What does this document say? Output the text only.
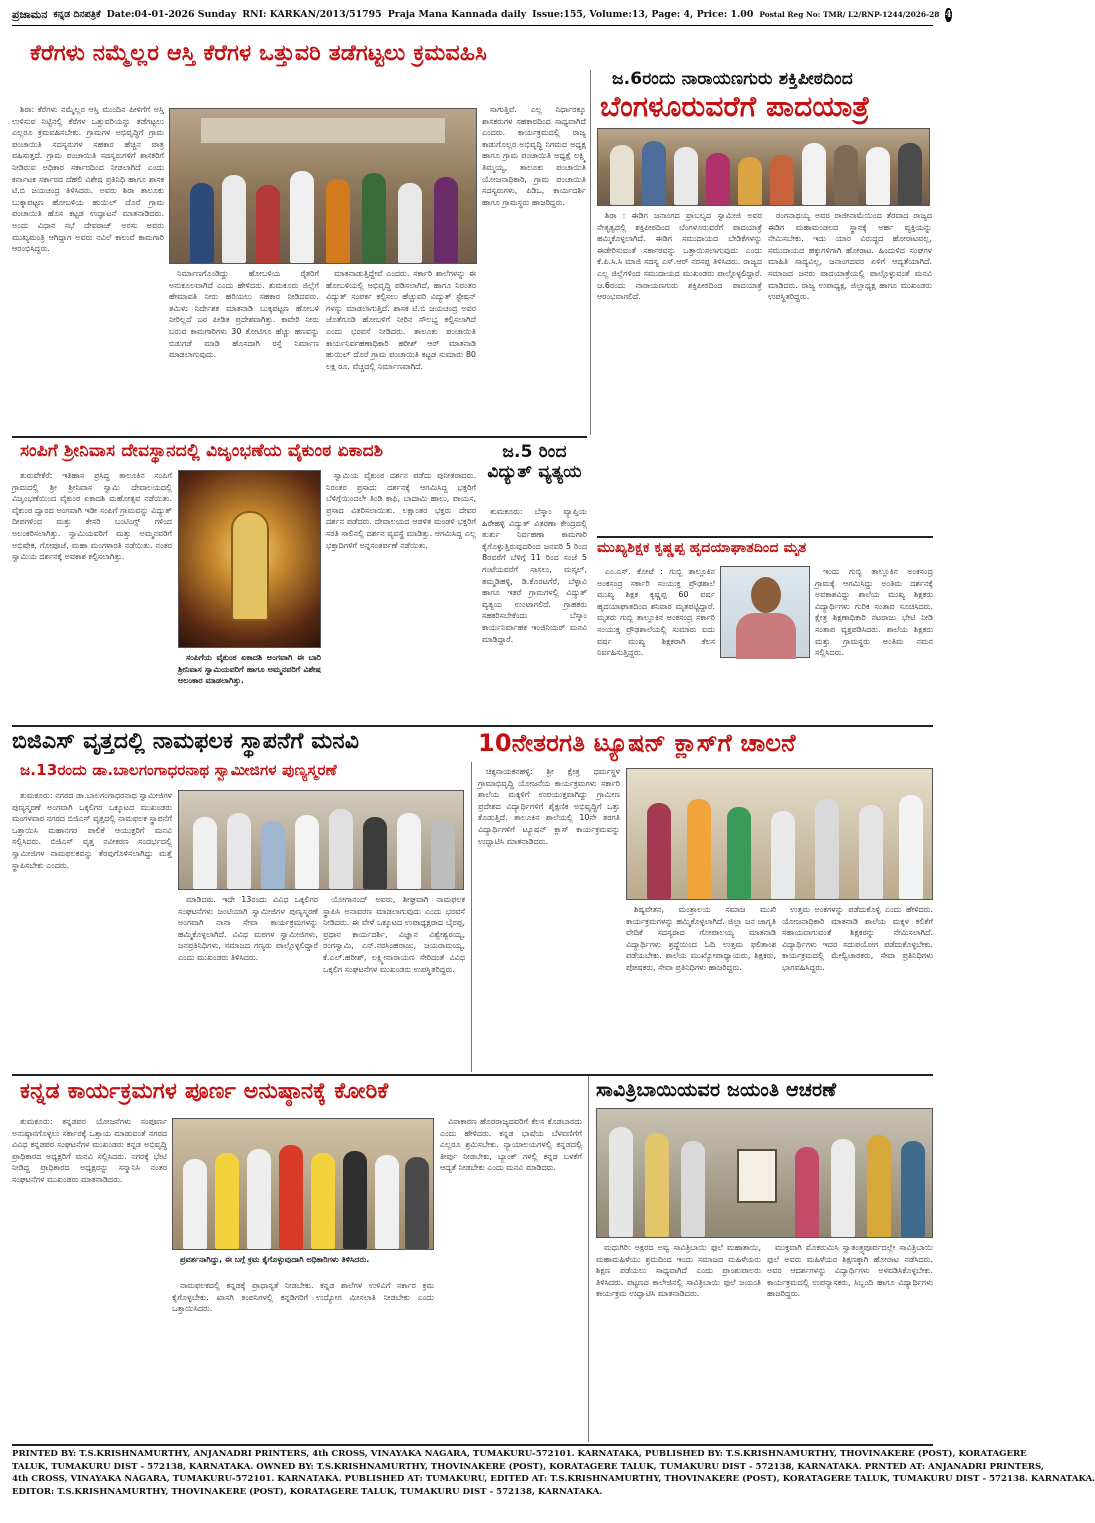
ಪ್ರಜಾಮನ ಕನ್ನಡ ದಿನಪತ್ರಿಕೆ Date:04-01-2026 Sunday RNI: KARKAN/2013/51795 Praja Mana Kannada daily Issue:155, Volume:13, Page: 4, Price: 1.00 Postal Reg No: TMR/ L2/RNP-1244/2026-28 4
ಕೆರೆಗಳು ನಮ್ಮೆಲ್ಲರ ಆಸ್ತಿ ಕೆರೆಗಳ ಒತ್ತುವರಿ ತಡೆಗಟ್ಟಲು ಕ್ರಮವಹಿಸಿ

ಶಿರಾ: ಕೆರೆಗಳು ನಮ್ಮೆಲ್ಲರ ಆಸ್ತಿ ಮುಂದಿನ ಪೀಳಿಗೆಗೆ ಅಸ್ತಿ ಉಳಿಸುವ ನಿಟ್ಟಿನಲ್ಲಿ ಕೆರೆಗಳ ಒತ್ತುವರಿಯನ್ನು ತಡೆಗಟ್ಟಲು ಎಲ್ಲರೂ ಕ್ರಮವಹಿಸಬೇಕು. ಗ್ರಾಮಗಳ ಅಭಿವೃದ್ಧಿಗೆ ಗ್ರಾಮ ಪಂಚಾಯಿತಿ ಸದಸ್ಯರುಗಳ ಸಹಕಾರ ಹೆಚ್ಚಿನ ಪಾತ್ರ ವಹಿಸುತ್ತದೆ. ಗ್ರಾಮ ಪಂಚಾಯಿತಿ ಸದಸ್ಯರುಗಳಿಗೆ ಶಾಸಕರಿಗೆ ನೀಡಿರುವ ಅಧಿಕಾರ ಸರ್ಕಾರದಿಂದ ನೀಡಲಾಗಿದೆ ಎಂದು ಕರ್ನಾಟಕ ಸರ್ಕಾರದ ದೆಹಲಿ ವಿಶೇಷ ಪ್ರತಿನಿಧಿ ಹಾಗೂ ಶಾಸಕ ಟಿ.ಬಿ ಜಯಚಂದ್ರ ತಿಳಿಸಿದರು. ಅವರು ಶಿರಾ ತಾಲೂಕು ಬುಕ್ಕಾಪಟ್ಟಣ ಹೋಬಳಿಯ ಹುಯಿಲ್ ದೊರೆ ಗ್ರಾಮ ಪಂಚಾಯಿತಿ ಹೊಸ ಕಟ್ಟಡ ಉದ್ಘಾಟನೆ ಮಾತನಾಡಿದರು. ಅಂದು ವಿಧಾನ ಸಭೆ ದೇವರಾಜ್ ಅರಸು ಅವರು ಮುಖ್ಯಮಂತ್ರಿ ಆಗಿದ್ದಾಗ ಅವರು ನವಿಲೆ ಕಾಲುವೆ ಕಾಮಗಾರಿ ಆರಂಭಿಸಿದ್ದರು.

ನಿರ್ಮಾಣಗೊಂಡಿದ್ದು ಹೋಬಳಿಯ ರೈತರಿಗೆ ಅನುಕೂಲವಾಗಿದೆ ಎಂದು ಹೇಳಿದರು. ತುಮಕೂರು ಜಿಲ್ಲೆಗೆ ಹೇಮಾವತಿ ನೀರು ಹರಿಯಲು ಸಹಕಾರ ನೀಡಿದವರು. ತಮಿಳು ನಿರ್ದೇಶಕ ಮಾತನಾಡಿ ಬುಕ್ಕಪಟ್ಟಣ ಹೋಬಳಿ ನೀರಿಲ್ಲದೆ ಬರ ಪೀಡಿತ ಪ್ರದೇಶವಾಗಿತ್ತು. ಕಾವೇರಿ ನೀರು ಬರುವ ಕಾಮಗಾರಿಗಳು 30 ಕೋಟಿಗೂ ಹೆಚ್ಚು ಹಣವನ್ನು ಬಿಡುಗಡೆ ಮಾಡಿ ಹೊಸದಾಗಿ ರಸ್ತೆ ನಿರ್ಮಾಣ ಮಾಡಲಾಗುವುದು.

ಮಾತನಾಡುತ್ತಿದ್ದೇವೆ ಎಂದರು. ಸರ್ಕಾರಿ ಶಾಲೆಗಳನ್ನು ಈ ಹೋಬಳಿಯಲ್ಲಿ ಅಭಿವೃದ್ಧಿ ಪಡಿಸಲಾಗಿದೆ, ಹಾಗೂ ನಿರಂತರ ವಿದ್ಯುತ್ ಸಂಪರ್ಕ ಕಲ್ಪಿಸಲು ಹೆಚ್ಚುವರಿ ವಿದ್ಯುತ್ ಸ್ಟೇಷನ್ ಗಳನ್ನು ಮಾಡಲಾಗುತ್ತಿದೆ. ಶಾಸಕ ಟಿ.ಬಿ ಜಯಚಂದ್ರ ಅವರ ಜೊತೆಗೂಡಿ ಹೋಬಳಿಗೆ ನೀರಿನ ಸೌಲಭ್ಯ ಕಲ್ಪಿಸಲಾಗಿದೆ ಎಂದು ಭರವಸೆ ನೀಡಿದರು. ತಾಲೂಕು ಪಂಚಾಯಿತಿ ಕಾರ್ಯನಿರ್ವಹಣಾಧಿಕಾರಿ ಹರೀಶ್ ಆರ್ ಮಾತನಾಡಿ ಹುಯಿಲ್ ದೊರೆ ಗ್ರಾಮ ಪಂಚಾಯಿತಿ ಕಟ್ಟಡ ಸುಮಾರು 80 ಲಕ್ಷ ರೂ. ವೆಚ್ಚದಲ್ಲಿ ನಿರ್ಮಾಣವಾಗಿದೆ.

ಸಾಗುತ್ತಿವೆ. ಎಲ್ಲ ನಿರ್ಧಾರಕ್ಕೂ ಶಾಸಕರುಗಳ ಸಹಕಾರದಿಂದ ಸಾಧ್ಯವಾಗಿದೆ ಎಂದರು. ಕಾರ್ಯಕ್ರಮದಲ್ಲಿ ರಾಜ್ಯ ಕಾಡುಗೊಲ್ಲರ ಅಭಿವೃದ್ಧಿ ನಿಗಮದ ಅಧ್ಯಕ್ಷ ಹಾಗೂ ಗ್ರಾಮ ಪಂಚಾಯಿತಿ ಅಧ್ಯಕ್ಷೆ ಲಕ್ಷ್ಮಿ ತಿಮ್ಮಯ್ಯ, ತಾಲೂಕು ಪಂಚಾಯಿತಿ ಯೋಜನಾಧಿಕಾರಿ, ಗ್ರಾಮ ಪಂಚಾಯಿತಿ ಸದಸ್ಯರುಗಳು, ಪಿಡಿಒ, ಕಾರ್ಯದರ್ಶಿ ಹಾಗೂ ಗ್ರಾಮಸ್ಥರು ಹಾಜರಿದ್ದರು.

ಜ.6ರಂದು ನಾರಾಯಣಗುರು ಶಕ್ತಿಪೀಠದಿಂದ
ಬೆಂಗಳೂರುವರೆಗೆ ಪಾದಯಾತ್ರೆ

ಶಿರಾ : ಈಡಿಗ ಜನಾಂಗದ ಪ್ರಾಬಲ್ಯದ ಸ್ವಾಮೀಜಿ ಅವರ ನೇತೃತ್ವದಲ್ಲಿ ಶಕ್ತಿಪೀಠದಿಂದ ಬೆಂಗಳೂರುವರೆಗೆ ಪಾದಯಾತ್ರೆ ಹಮ್ಮಿಕೊಳ್ಳಲಾಗಿದೆ. ಈಡಿಗ ಸಮುದಾಯದ ಬೇಡಿಕೆಗಳನ್ನು ಈಡೇರಿಸುವಂತೆ ಸರ್ಕಾರವನ್ನು ಒತ್ತಾಯಿಸಲಾಗುವುದು ಎಂದು ಕೆ.ಪಿ.ಸಿ.ಸಿ ಮಾಜಿ ಸದಸ್ಯ ಎಸ್.ಆರ್ ನರಸಪ್ಪ ತಿಳಿಸಿದರು. ರಾಜ್ಯದ ಎಲ್ಲ ಜಿಲ್ಲೆಗಳಿಂದ ಸಮುದಾಯದ ಮುಖಂಡರು ಪಾಲ್ಗೊಳ್ಳಲಿದ್ದಾರೆ. ಜ.6ರಂದು ನಾರಾಯಣಗುರು ಶಕ್ತಿಪೀಠದಿಂದ ಪಾದಯಾತ್ರೆ ಆರಂಭವಾಗಲಿದೆ.

ರಂಗನಾಥಯ್ಯ ಅವರ ರಾಜೀನಾಮೆಯಿಂದ ತೆರವಾದ ರಾಜ್ಯದ ಈಡಿಗ ಮಹಾಮಂಡಲದ ಸ್ಥಾನಕ್ಕೆ ಅರ್ಹ ವ್ಯಕ್ತಿಯನ್ನು ನೇಮಿಸಬೇಕು. ಇದು ಯಾರ ವಿರುದ್ಧದ ಹೋರಾಟವಲ್ಲ, ಸಮುದಾಯದ ಹಕ್ಕುಗಳಿಗಾಗಿ ಹೋರಾಟ. ಹಿಂದುಳಿದ ಸಂಘಗಳ ಮಾಹಿತಿ ಸಾದ್ಯವಿಲ್ಲ, ಜನಾಂಗದವರ ಏಳಿಗೆ ಆದ್ಯತೆಯಾಗಿದೆ. ಸಮಾಜದ ಜನರು ಪಾದಯಾತ್ರೆಯಲ್ಲಿ ಪಾಲ್ಗೊಳ್ಳುವಂತೆ ಮನವಿ ಮಾಡಿದರು. ರಾಜ್ಯ ಉಪಾಧ್ಯಕ್ಷ, ಜಿಲ್ಲಾಧ್ಯಕ್ಷ ಹಾಗೂ ಮುಖಂಡರು ಉಪಸ್ಥಿತರಿದ್ದರು.

ಸಂಪಿಗೆ ಶ್ರೀನಿವಾಸ ದೇವಸ್ಥಾನದಲ್ಲಿ ವಿಜೃಂಭಣೆಯ ವೈಕುಂಠ ಏಕಾದಶಿ

ತುರುವೇಕೆರೆ: ಇತಿಹಾಸ ಪ್ರಸಿದ್ಧ ತಾಲೂಕಿನ ಸಂಪಿಗೆ ಗ್ರಾಮದಲ್ಲಿ ಶ್ರೀ ಶ್ರೀನಿವಾಸ ಸ್ವಾಮಿ ದೇವಾಲಯದಲ್ಲಿ ವಿಜೃಂಭಣೆಯಿಂದ ವೈಕುಂಠ ಏಕಾದಶಿ ಮಹೋತ್ಸವ ನಡೆಯಿತು. ವೈಕುಂಠ ದ್ವಾರದ ಅಂಗವಾಗಿ ಇಡೀ ಸಂಪಿಗೆ ಗ್ರಾಮವನ್ನು ವಿದ್ಯುತ್ ದೀಪಗಳಿಂದ ಮತ್ತು ಕೇಸರಿ ಬಂಟಿಂಗ್ಸ್ ಗಳಿಂದ ಅಲಂಕರಿಸಲಾಗಿತ್ತು. ಸ್ವಾಮಿಯವರಿಗೆ ಮತ್ತು ಅಮ್ಮನವರಿಗೆ ಅಭಿಷೇಕ, ಗೋಪೂಜೆ, ಮಹಾ ಮಂಗಳಾರತಿ ನಡೆಯಿತು. ನಂತರ ಸ್ವಾಮಿಯ ದರ್ಶನಕ್ಕೆ ಅವಕಾಶ ಕಲ್ಪಿಸಲಾಗಿತ್ತು.

ಸಂಪಿಗೆಯ ವೈಕುಂಠ ಏಕಾದಶಿ ಅಂಗವಾಗಿ ಈ ಬಾರಿ ಶ್ರೀನಿವಾಸ ಸ್ವಾಮಿಯವರಿಗೆ ಹಾಗೂ ಅಮ್ಮನವರಿಗೆ ವಿಶೇಷ ಅಲಂಕಾರ ಮಾಡಲಾಗಿತ್ತು.

ಸ್ವಾಮಿಯ ವೈಕುಂಠ ದರ್ಶನ ಪಡೆದು ಪುನೀತರಾದರು. ನಿರಂತರ ಪ್ರಸಾದ: ದರ್ಶನಕ್ಕೆ ಆಗಮಿಸಿದ್ದ ಭಕ್ತರಿಗೆ ಬೆಳಿಗ್ಗೆಯಿಂದಲೇ ತಿಂಡಿ ಕಾಫಿ, ಬಾದಾಮಿ ಹಾಲು, ಪಾಯಸ, ಪ್ರಸಾದ ವಿತರಿಸಲಾಯಿತು. ಲಕ್ಷಾಂತರ ಭಕ್ತರು ದೇವರ ದರ್ಶನ ಪಡೆದರು. ದೇವಾಲಯದ ಆಡಳಿತ ಮಂಡಳಿ ಭಕ್ತರಿಗೆ ಸರತಿ ಸಾಲಿನಲ್ಲಿ ದರ್ಶನ ವ್ಯವಸ್ಥೆ ಮಾಡಿತ್ತು. ಆಗಮಿಸಿದ್ದ ಎಲ್ಲ ಭಕ್ತಾದಿಗಳಿಗೆ ಅನ್ನಸಂತರ್ಪಣೆ ನಡೆಯಿತು.

ಜ.5 ರಿಂದ ವಿದ್ಯುತ್ ವ್ಯತ್ಯಯ

ತುಮಕೂರು: ಬೆಸ್ಕಾಂ ವ್ಯಾಪ್ತಿಯ ಹಿರೇಹಳ್ಳಿ ವಿದ್ಯುತ್ ವಿತರಣಾ ಕೇಂದ್ರದಲ್ಲಿ ತುರ್ತು ನಿರ್ವಹಣಾ ಕಾಮಗಾರಿ ಕೈಗೊಳ್ಳುತ್ತಿರುವುದರಿಂದ ಜನವರಿ 5 ರಿಂದ 8ರವರೆಗೆ ಬೆಳಿಗ್ಗೆ 11 ರಿಂದ ಸಂಜೆ 5 ಗಂಟೆಯವರೆಗೆ ಸಾಸಲು, ಮಸ್ಕಲ್, ತಮ್ಮಡಿಹಳ್ಳಿ, ಡಿ.ಕೊರಟಗೆರೆ, ಬೆಳ್ಳಾವಿ ಹಾಗೂ ಇತರೆ ಗ್ರಾಮಗಳಲ್ಲಿ ವಿದ್ಯುತ್ ವ್ಯತ್ಯಯ ಉಂಟಾಗಲಿದೆ. ಗ್ರಾಹಕರು ಸಹಕರಿಸಬೇಕೆಂದು ಬೆಸ್ಕಾಂ ಕಾರ್ಯನಿರ್ವಾಹಕ ಇಂಜಿನಿಯರ್ ಮನವಿ ಮಾಡಿದ್ದಾರೆ.

ಮುಖ್ಯಶಿಕ್ಷಕ ಕೃಷ್ಣಪ್ಪ ಹೃದಯಾಘಾತದಿಂದ ಮೃತ

ಎಂ.ಎಸ್. ಕೋಟೆ : ಗುಬ್ಬಿ ತಾಲ್ಲೂಕಿನ ಅಂಕಸಂದ್ರ ಸರ್ಕಾರಿ ಸಂಯುಕ್ತ ಪ್ರೌಢಶಾಲೆ ಮುಖ್ಯ ಶಿಕ್ಷಕ ಕೃಷ್ಣಪ್ಪ 60 ವರ್ಷ ಹೃದಯಾಘಾತದಿಂದ ಶನಿವಾರ ಮೃತಪಟ್ಟಿದ್ದಾರೆ. ಮೃತರು ಗುಬ್ಬಿ ತಾಲ್ಲೂಕಿನ ಅಂಕಸಂದ್ರ ಸರ್ಕಾರಿ ಸಂಯುಕ್ತ ಪ್ರೌಢಶಾಲೆಯಲ್ಲಿ ಸುಮಾರು ಐದು ವರ್ಷ ಮುಖ್ಯ ಶಿಕ್ಷಕರಾಗಿ ಕೆಲಸ ನಿರ್ವಹಿಸುತ್ತಿದ್ದರು.

ಇಂದು ಗುಬ್ಬಿ ತಾಲ್ಲೂಕಿನ ಅಂಕಸಂದ್ರ ಗ್ರಾಮಕ್ಕೆ ಆಗಮಿಸಿದ್ದು ಅಂತಿಮ ದರ್ಶನಕ್ಕೆ ಅವಕಾಶವಿದ್ದು ಶಾಲೆಯ ಮುಖ್ಯ ಶಿಕ್ಷಕರು ವಿದ್ಯಾರ್ಥಿಗಳು ಗುರಿಕ ಸಂತಾಪ ಸೂಚಿಸಿದರು. ಕ್ಷೇತ್ರ ಶಿಕ್ಷಣಾಧಿಕಾರಿ ನಟರಾಜು ಭೇಟಿ ನೀಡಿ ಸಂತಾಪ ವ್ಯಕ್ತಪಡಿಸಿದರು. ಶಾಲೆಯ ಶಿಕ್ಷಕರು ಮತ್ತು ಗ್ರಾಮಸ್ಥರು ಅಂತಿಮ ನಮನ ಸಲ್ಲಿಸಿದರು.

ಬಿಜಿಎಸ್ ವೃತ್ತದಲ್ಲಿ ನಾಮಫಲಕ ಸ್ಥಾಪನೆಗೆ ಮನವಿ
ಜ.13ರಂದು ಡಾ.ಬಾಲಗಂಗಾಧರನಾಥ ಸ್ವಾಮೀಜಿಗಳ ಪುಣ್ಯಸ್ಮರಣೆ

ತುಮಕೂರು: ನಗರದ ಡಾ.ಬಾಲಗಂಗಾಧರನಾಥ ಸ್ವಾಮೀಜಿಗಳ ಪುಣ್ಯಸ್ಮರಣೆ ಅಂಗವಾಗಿ ಒಕ್ಕಲಿಗರ ಒಕ್ಕೂಟದ ಮುಖಂಡರು ಮಂಗಳವಾರ ನಗರದ ಬಿಜಿಎಸ್ ವೃತ್ತದಲ್ಲಿ ನಾಮಫಲಕ ಸ್ಥಾಪನೆಗೆ ಒತ್ತಾಯಿಸಿ ಮಹಾನಗರ ಪಾಲಿಕೆ ಆಯುಕ್ತರಿಗೆ ಮನವಿ ಸಲ್ಲಿಸಿದರು. ಬಿಜಿಎಸ್ ವೃತ್ತ ನವೀಕರಣ ಸಂದರ್ಭದಲ್ಲಿ ಸ್ವಾಮೀಜಿಗಳ ನಾಮಫಲಕವನ್ನು ತೆರವುಗೊಳಿಸಲಾಗಿದ್ದು ಮತ್ತೆ ಸ್ಥಾಪಿಸಬೇಕು ಎಂದರು.

ಮಾಡಿದರು. ಇದೇ 13ರಂದು ವಿವಿಧ ಒಕ್ಕಲಿಗರ ಸಂಘಟನೆಗಳು ಜಂಟಿಯಾಗಿ ಸ್ವಾಮೀಜಿಗಳ ಪುಣ್ಯಸ್ಮರಣೆ ಅಂಗವಾಗಿ ನಾನಾ ಸೇವಾ ಕಾರ್ಯಕ್ರಮಗಳನ್ನು ಹಮ್ಮಿಕೊಳ್ಳಲಾಗಿದೆ. ವಿವಿಧ ಮಠಗಳ ಸ್ವಾಮೀಜಿಗಳು, ಜನಪ್ರತಿನಿಧಿಗಳು, ಸಮಾಜದ ಗಣ್ಯರು ಪಾಲ್ಗೊಳ್ಳಲಿದ್ದಾರೆ ಎಂದು ಮುಖಂಡರು ತಿಳಿಸಿದರು.

ಯೋಗಾನಂದ್ ಅವರು, ಶೀಘ್ರವಾಗಿ ನಾಮಫಲಕ ಸ್ಥಾಪಿಸಿ ಅನಾವರಣ ಮಾಡಲಾಗುವುದು ಎಂದು ಭರವಸೆ ನೀಡಿದರು. ಈ ವೇಳೆ ಒಕ್ಕೂಟದ ಉಪಾಧ್ಯಕ್ಷರಾದ ಬೈರಪ್ಪ, ಪ್ರಧಾನ ಕಾರ್ಯದರ್ಶಿ, ವಿಜ್ಞಾನ ವಿಶ್ವೇಶ್ವರಯ್ಯ, ರಂಗಸ್ವಾಮಿ, ಎನ್.ನರಸಿಂಹರಾಜು, ಜಯರಾಮಯ್ಯ, ಕೆ.ಎಲ್.ಹರೀಶ್, ಲಕ್ಷ್ಮೀನಾರಾಯಣ ಸೇರಿದಂತೆ ವಿವಿಧ ಒಕ್ಕಲಿಗ ಸಂಘಟನೆಗಳ ಮುಖಂಡರು ಉಪಸ್ಥಿತರಿದ್ದರು.

10ನೇತರಗತಿ ಟ್ಯೂಷನ್ ಕ್ಲಾಸ್‌ಗೆ ಚಾಲನೆ

ಚಿಕ್ಕನಾಯಕನಹಳ್ಳಿ: ಶ್ರೀ ಕ್ಷೇತ್ರ ಧರ್ಮಸ್ಥಳ ಗ್ರಾಮಾಭಿವೃದ್ಧಿ ಯೋಜನೆಯ ಕಾರ್ಯಕ್ರಮಗಳು ಸರ್ಕಾರಿ ಶಾಲೆಯ ಮಕ್ಕಳಿಗೆ ಉಪಯುಕ್ತವಾಗಿದ್ದು ಗ್ರಾಮೀಣ ಪ್ರದೇಶದ ವಿದ್ಯಾರ್ಥಿಗಳಿಗೆ ಶೈಕ್ಷಣಿಕ ಅಭಿವೃದ್ಧಿಗೆ ಒತ್ತು ಕೊಡುತ್ತಿದೆ. ತಾಲೂಕಿನ ಶಾಲೆಯಲ್ಲಿ 10ನೇ ತರಗತಿ ವಿದ್ಯಾರ್ಥಿಗಳಿಗೆ ಟ್ಯೂಷನ್ ಕ್ಲಾಸ್ ಕಾರ್ಯಕ್ರಮವನ್ನು ಉದ್ಘಾಟಿಸಿ ಮಾತನಾಡಿದರು.

ಶಿಷ್ಯವೇತನ, ಮಂತ್ರಾಲಯ ಸಮಾಜ ಮುಖಿ ಕಾರ್ಯಕ್ರಮಗಳನ್ನು ಹಮ್ಮಿಕೊಳ್ಳಲಾಗಿದೆ. ಜಿಲ್ಲಾ ಜನ ಜಾಗೃತಿ ವೇದಿಕೆ ಸದಸ್ಯರಾದ ಗೋಪಾಲಯ್ಯ ಮಾತನಾಡಿ ವಿದ್ಯಾರ್ಥಿಗಳು ಶ್ರದ್ಧೆಯಿಂದ ಓದಿ ಉತ್ತಮ ಫಲಿತಾಂಶ ಪಡೆಯಬೇಕು. ಶಾಲೆಯ ಮುಖ್ಯೋಪಾಧ್ಯಾಯರು, ಶಿಕ್ಷಕರು, ಪೋಷಕರು, ಸೇವಾ ಪ್ರತಿನಿಧಿಗಳು ಹಾಜರಿದ್ದರು.

ಉತ್ತಮ ಅಂಕಗಳನ್ನು ಪಡೆದುಕೊಳ್ಳಿ ಎಂದು ಹೇಳಿದರು. ಯೋಜನಾಧಿಕಾರಿ ಮಾತನಾಡಿ ಶಾಲೆಯ ಮಕ್ಕಳ ಕಲಿಕೆಗೆ ಸಹಾಯವಾಗುವಂತೆ ಶಿಕ್ಷಕರನ್ನು ನೇಮಿಸಲಾಗಿದೆ. ವಿದ್ಯಾರ್ಥಿಗಳು ಇದರ ಸದುಪಯೋಗ ಪಡೆದುಕೊಳ್ಳಬೇಕು. ಕಾರ್ಯಕ್ರಮದಲ್ಲಿ ಮೇಲ್ವಿಚಾರಕರು, ಸೇವಾ ಪ್ರತಿನಿಧಿಗಳು ಭಾಗವಹಿಸಿದ್ದರು.

ಕನ್ನಡ ಕಾರ್ಯಕ್ರಮಗಳ ಪೂರ್ಣ ಅನುಷ್ಠಾನಕ್ಕೆ ಕೋರಿಕೆ

ತುಮಕೂರು: ಕನ್ನಡಪರ ಯೋಜನೆಗಳು ಸಂಪೂರ್ಣ ಅನುಷ್ಠಾನಗೊಳ್ಳಲು ಸರ್ಕಾರಕ್ಕೆ ಒತ್ತಾಯ ಮಾಡುವಂತೆ ನಗರದ ವಿವಿಧ ಕನ್ನಡಪರ ಸಂಘಟನೆಗಳ ಮುಖಂಡರು ಕನ್ನಡ ಅಭಿವೃದ್ಧಿ ಪ್ರಾಧಿಕಾರದ ಅಧ್ಯಕ್ಷರಿಗೆ ಮನವಿ ಸಲ್ಲಿಸಿದರು. ನಗರಕ್ಕೆ ಭೇಟಿ ನೀಡಿದ್ದ ಪ್ರಾಧಿಕಾರದ ಅಧ್ಯಕ್ಷರನ್ನು ಸನ್ಮಾನಿಸಿ ನಂತರ ಸಂಘಟನೆಗಳ ಮುಖಂಡರು ಮಾತನಾಡಿದರು.

ಪ್ರವರ್ತನಾಗಿದ್ದು, ಈ ಬಗ್ಗೆ ಕ್ರಮ ಕೈಗೊಳ್ಳುವುದಾಗಿ ಅಧಿಕಾರಿಗಳು ತಿಳಿಸಿದರು.

ನಾಮಫಲಕದಲ್ಲಿ ಕನ್ನಡಕ್ಕೆ ಪ್ರಾಧಾನ್ಯತೆ ನೀಡಬೇಕು. ಕನ್ನಡ ಶಾಲೆಗಳ ಉಳಿವಿಗೆ ಸರ್ಕಾರ ಕ್ರಮ ಕೈಗೊಳ್ಳಬೇಕು. ಖಾಸಗಿ ಕಂಪನಿಗಳಲ್ಲಿ ಕನ್ನಡಿಗರಿಗೆ ಉದ್ಯೋಗ ಮೀಸಲಾತಿ ನೀಡಬೇಕು ಎಂದು ಒತ್ತಾಯಿಸಿದರು.

ವಿನಾಕಾರಣ ಹೊರರಾಜ್ಯದವರಿಗೆ ಕೆಲಸ ಕೊಡಬಾರದು ಎಂದು ಹೇಳಿದರು. ಕನ್ನಡ ಭಾಷೆಯ ಬೆಳವಣಿಗೆಗೆ ಎಲ್ಲರೂ ಶ್ರಮಿಸಬೇಕು. ನ್ಯಾಯಾಲಯಗಳಲ್ಲಿ ಕನ್ನಡದಲ್ಲಿ ತೀರ್ಪು ನೀಡಬೇಕು, ಬ್ಯಾಂಕ್ ಗಳಲ್ಲಿ ಕನ್ನಡ ಬಳಕೆಗೆ ಆದ್ಯತೆ ನೀಡಬೇಕು ಎಂದು ಮನವಿ ಮಾಡಿದರು.

ಸಾವಿತ್ರಿಬಾಯಿಯವರ ಜಯಂತಿ ಆಚರಣೆ

ಮಧುಗಿರಿ: ಅಕ್ಷರದ ಅವ್ವ ಸಾವಿತ್ರಿಬಾಯಿ ಫುಲೆ ಮಹಾತಾಯಿ, ಮಹಾಮಹಿಳೆಯು ಶ್ರಮದಿಂದ ಇಂದು ಸಮಾಜದ ಮಹಿಳೆಯರು ಶಿಕ್ಷಣ ಪಡೆಯಲು ಸಾಧ್ಯವಾಗಿದೆ ಎಂದು ಪ್ರಾಂಶುಪಾಲರು ತಿಳಿಸಿದರು. ಪಟ್ಟಣದ ಕಾಲೇಜಿನಲ್ಲಿ ಸಾವಿತ್ರಿಬಾಯಿ ಫುಲೆ ಜಯಂತಿ ಕಾರ್ಯಕ್ರಮ ಉದ್ಘಾಟಿಸಿ ಮಾತನಾಡಿದರು.

ಮುಕ್ತವಾಗಿ ಮೊಕರುಮಿಸಿ ಸ್ವಾತಂತ್ರ್ಯಪೂರ್ವದಲ್ಲೇ ಸಾವಿತ್ರಿಬಾಯಿ ಫುಲೆ ಅವರು ಮಹಿಳೆಯರ ಶಿಕ್ಷಣಕ್ಕಾಗಿ ಹೋರಾಟ ನಡೆಸಿದರು. ಅವರ ಆದರ್ಶಗಳನ್ನು ವಿದ್ಯಾರ್ಥಿಗಳು ಅಳವಡಿಸಿಕೊಳ್ಳಬೇಕು. ಕಾರ್ಯಕ್ರಮದಲ್ಲಿ ಉಪನ್ಯಾಸಕರು, ಸಿಬ್ಬಂದಿ ಹಾಗೂ ವಿದ್ಯಾರ್ಥಿಗಳು ಹಾಜರಿದ್ದರು.

PRINTED BY: T.S.KRISHNAMURTHY, ANJANADRI PRINTERS, 4th CROSS, VINAYAKA NAGARA, TUMAKURU-572101. KARNATAKA, PUBLISHED BY: T.S.KRISHNAMURTHY, THOVINAKERE (POST), KORATAGERE
TALUK, TUMAKURU DIST - 572138, KARNATAKA. OWNED BY: T.S.KRISHNAMURTHY, THOVINAKERE (POST), KORATAGERE TALUK, TUMAKURU DIST - 572138, KARNATAKA. PRNTED AT: ANJANADRI PRINTERS,
4th CROSS, VINAYAKA NAGARA, TUMAKURU-572101. KARNATAKA. PUBLISHED AT: TUMAKURU, EDITED AT: T.S.KRISHNAMURTHY, THOVINAKERE (POST), KORATAGERE TALUK, TUMAKURU DIST - 572138. KARNATAKA.
EDITOR: T.S.KRISHNAMURTHY, THOVINAKERE (POST), KORATAGERE TALUK, TUMAKURU DIST - 572138, KARNATAKA.
